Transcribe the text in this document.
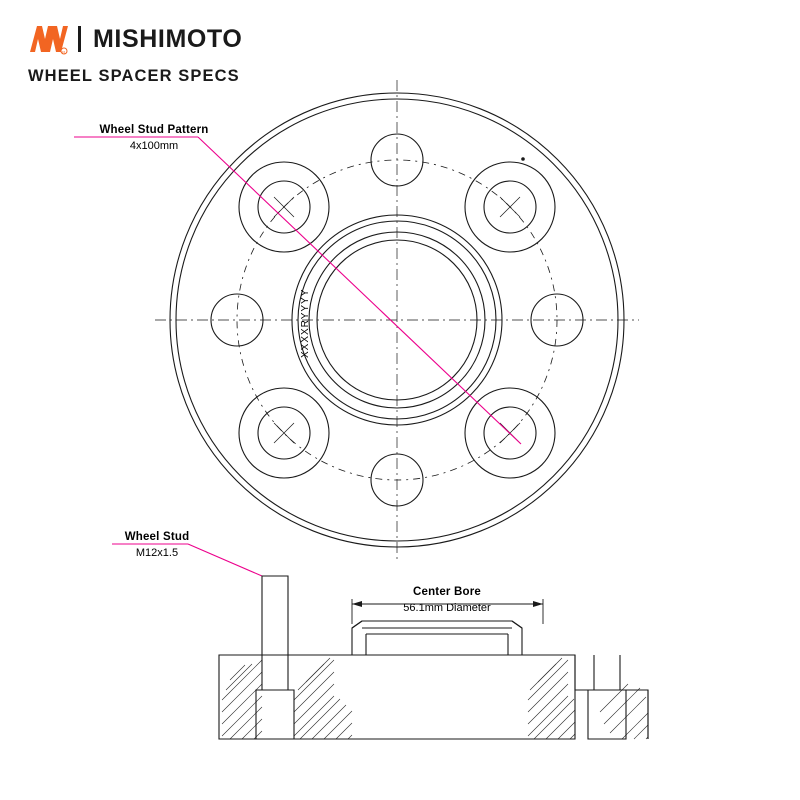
R MISHIMOTO
WHEEL SPACER SPECS
XXXXRYYYY
Wheel Stud Pattern
4x100mm
Wheel Stud
M12x1.5
Center Bore
56.1mm Diameter
